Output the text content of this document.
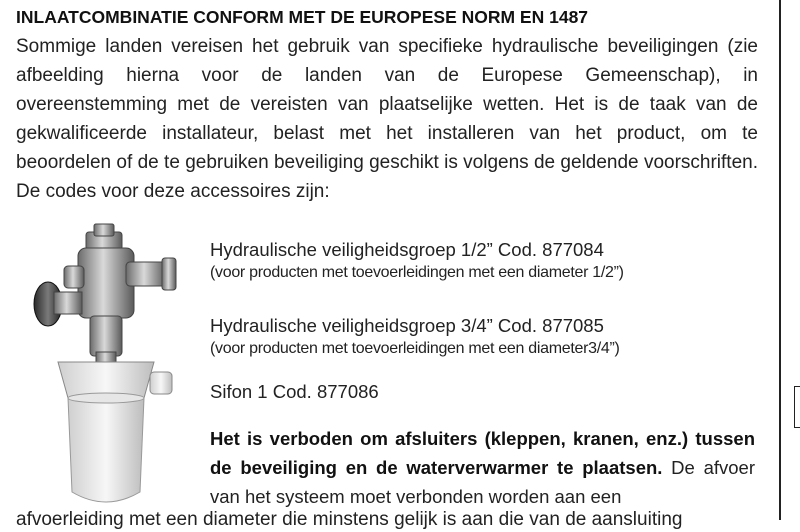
INLAATCOMBINATIE CONFORM MET DE EUROPESE NORM EN 1487
Sommige landen vereisen het gebruik van specifieke hydraulische beveiligingen (zie afbeelding hierna voor de landen van de Europese Gemeenschap), in overeenstemming met de vereisten van plaatselijke wetten. Het is de taak van de gekwalificeerde installateur, belast met het installeren van het product, om te beoordelen of de te gebruiken beveiliging geschikt is volgens de geldende voorschriften. De codes voor deze accessoires zijn:
Hydraulische veiligheidsgroep 1/2” Cod. 877084
(voor producten met toevoerleidingen met een diameter 1/2”)
Hydraulische veiligheidsgroep 3/4” Cod. 877085
(voor producten met toevoerleidingen met een diameter3/4”)
Sifon 1 Cod. 877086
Het is verboden om afsluiters (kleppen, kranen, enz.) tussen de beveiliging en de waterverwarmer te plaatsen. De afvoer van het systeem moet verbonden worden aan een
afvoerleiding met een diameter die minstens gelijk is aan die van de aansluiting
